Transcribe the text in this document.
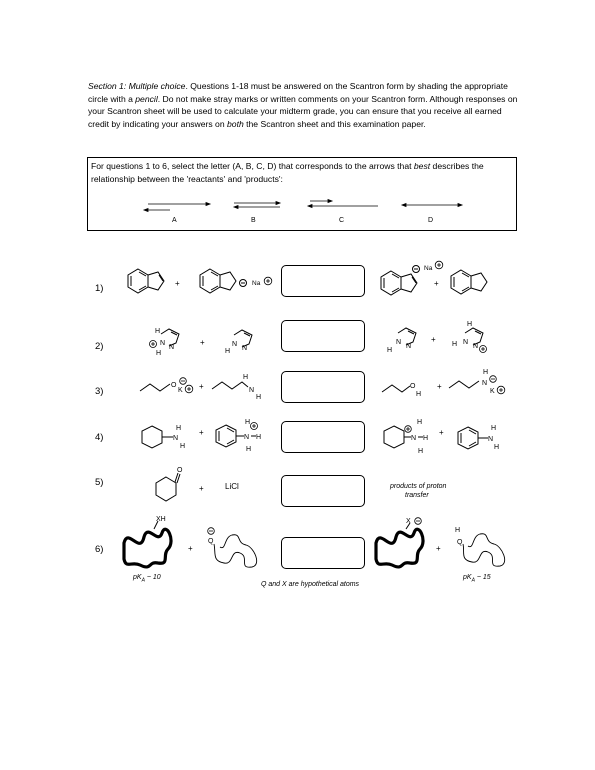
Section 1: Multiple choice. Questions 1-18 must be answered on the Scantron form by shading the appropriate circle with a pencil. Do not make stray marks or written comments on your Scantron form. Although responses on your Scantron sheet will be used to calculate your midterm grade, you can ensure that you receive all earned credit by indicating your answers on both the Scantron sheet and this examination paper.

For questions 1 to 6, select the letter (A, B, C, D) that corresponds to the arrows that best describes the relationship between the 'reactants' and 'products':

A	B	C	D
1)
2)
3)
4)
5)
6)
+	Na
Na
+
H
N
N
H
+	N
N
H
N
N
H
+
H
N
N
H
O
K +
H
N
H
O
H
+
H
N
K
N
H
H
+
N H
H
H
N H
H
H
+
N
H
H
O
+	LiCl	products of proton
transfer
XH
+
Q
X
+
H
Q
$pK_A$ ~ 10	$pK_A$ ~ 15
Q and X are hypothetical atoms
